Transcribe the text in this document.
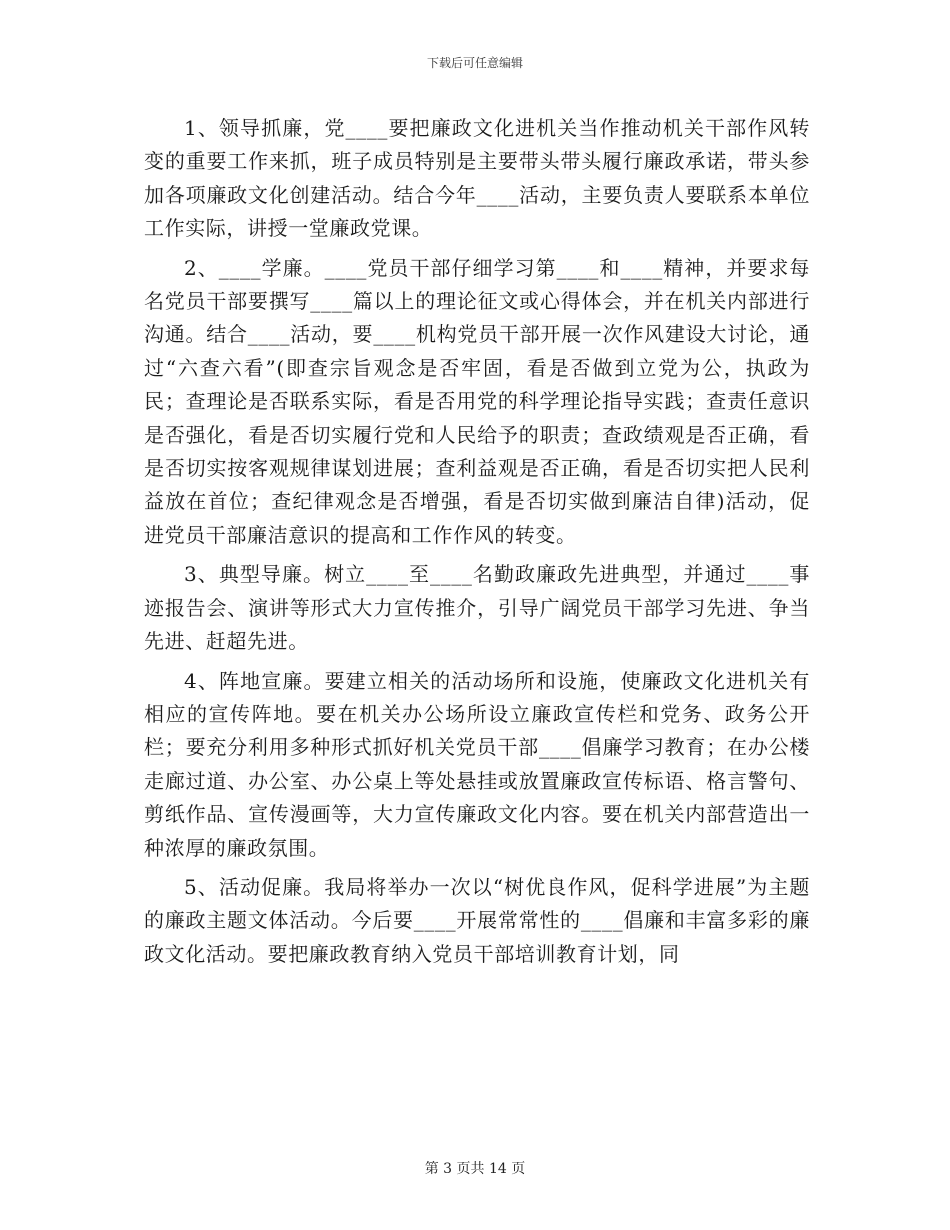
下载后可任意编辑

1、领导抓廉，党____要把廉政文化进机关当作推动机关干部作风转变的重要工作来抓，班子成员特别是主要带头带头履行廉政承诺，带头参加各项廉政文化创建活动。结合今年____活动，主要负责人要联系本单位工作实际，讲授一堂廉政党课。

2、____学廉。____党员干部仔细学习第____和____精神，并要求每名党员干部要撰写____篇以上的理论征文或心得体会，并在机关内部进行沟通。结合____活动，要____机构党员干部开展一次作风建设大讨论，通过“六查六看”(即查宗旨观念是否牢固，看是否做到立党为公，执政为民；查理论是否联系实际，看是否用党的科学理论指导实践；查责任意识是否强化，看是否切实履行党和人民给予的职责；查政绩观是否正确，看是否切实按客观规律谋划进展；查利益观是否正确，看是否切实把人民利益放在首位；查纪律观念是否增强，看是否切实做到廉洁自律)活动，促进党员干部廉洁意识的提高和工作作风的转变。

3、典型导廉。树立____至____名勤政廉政先进典型，并通过____事迹报告会、演讲等形式大力宣传推介，引导广阔党员干部学习先进、争当先进、赶超先进。

4、阵地宣廉。要建立相关的活动场所和设施，使廉政文化进机关有相应的宣传阵地。要在机关办公场所设立廉政宣传栏和党务、政务公开栏；要充分利用多种形式抓好机关党员干部____倡廉学习教育；在办公楼走廊过道、办公室、办公桌上等处悬挂或放置廉政宣传标语、格言警句、剪纸作品、宣传漫画等，大力宣传廉政文化内容。要在机关内部营造出一种浓厚的廉政氛围。

5、活动促廉。我局将举办一次以“树优良作风，促科学进展”为主题的廉政主题文体活动。今后要____开展常常性的____倡廉和丰富多彩的廉政文化活动。要把廉政教育纳入党员干部培训教育计划，同

第 3 页共 14 页
